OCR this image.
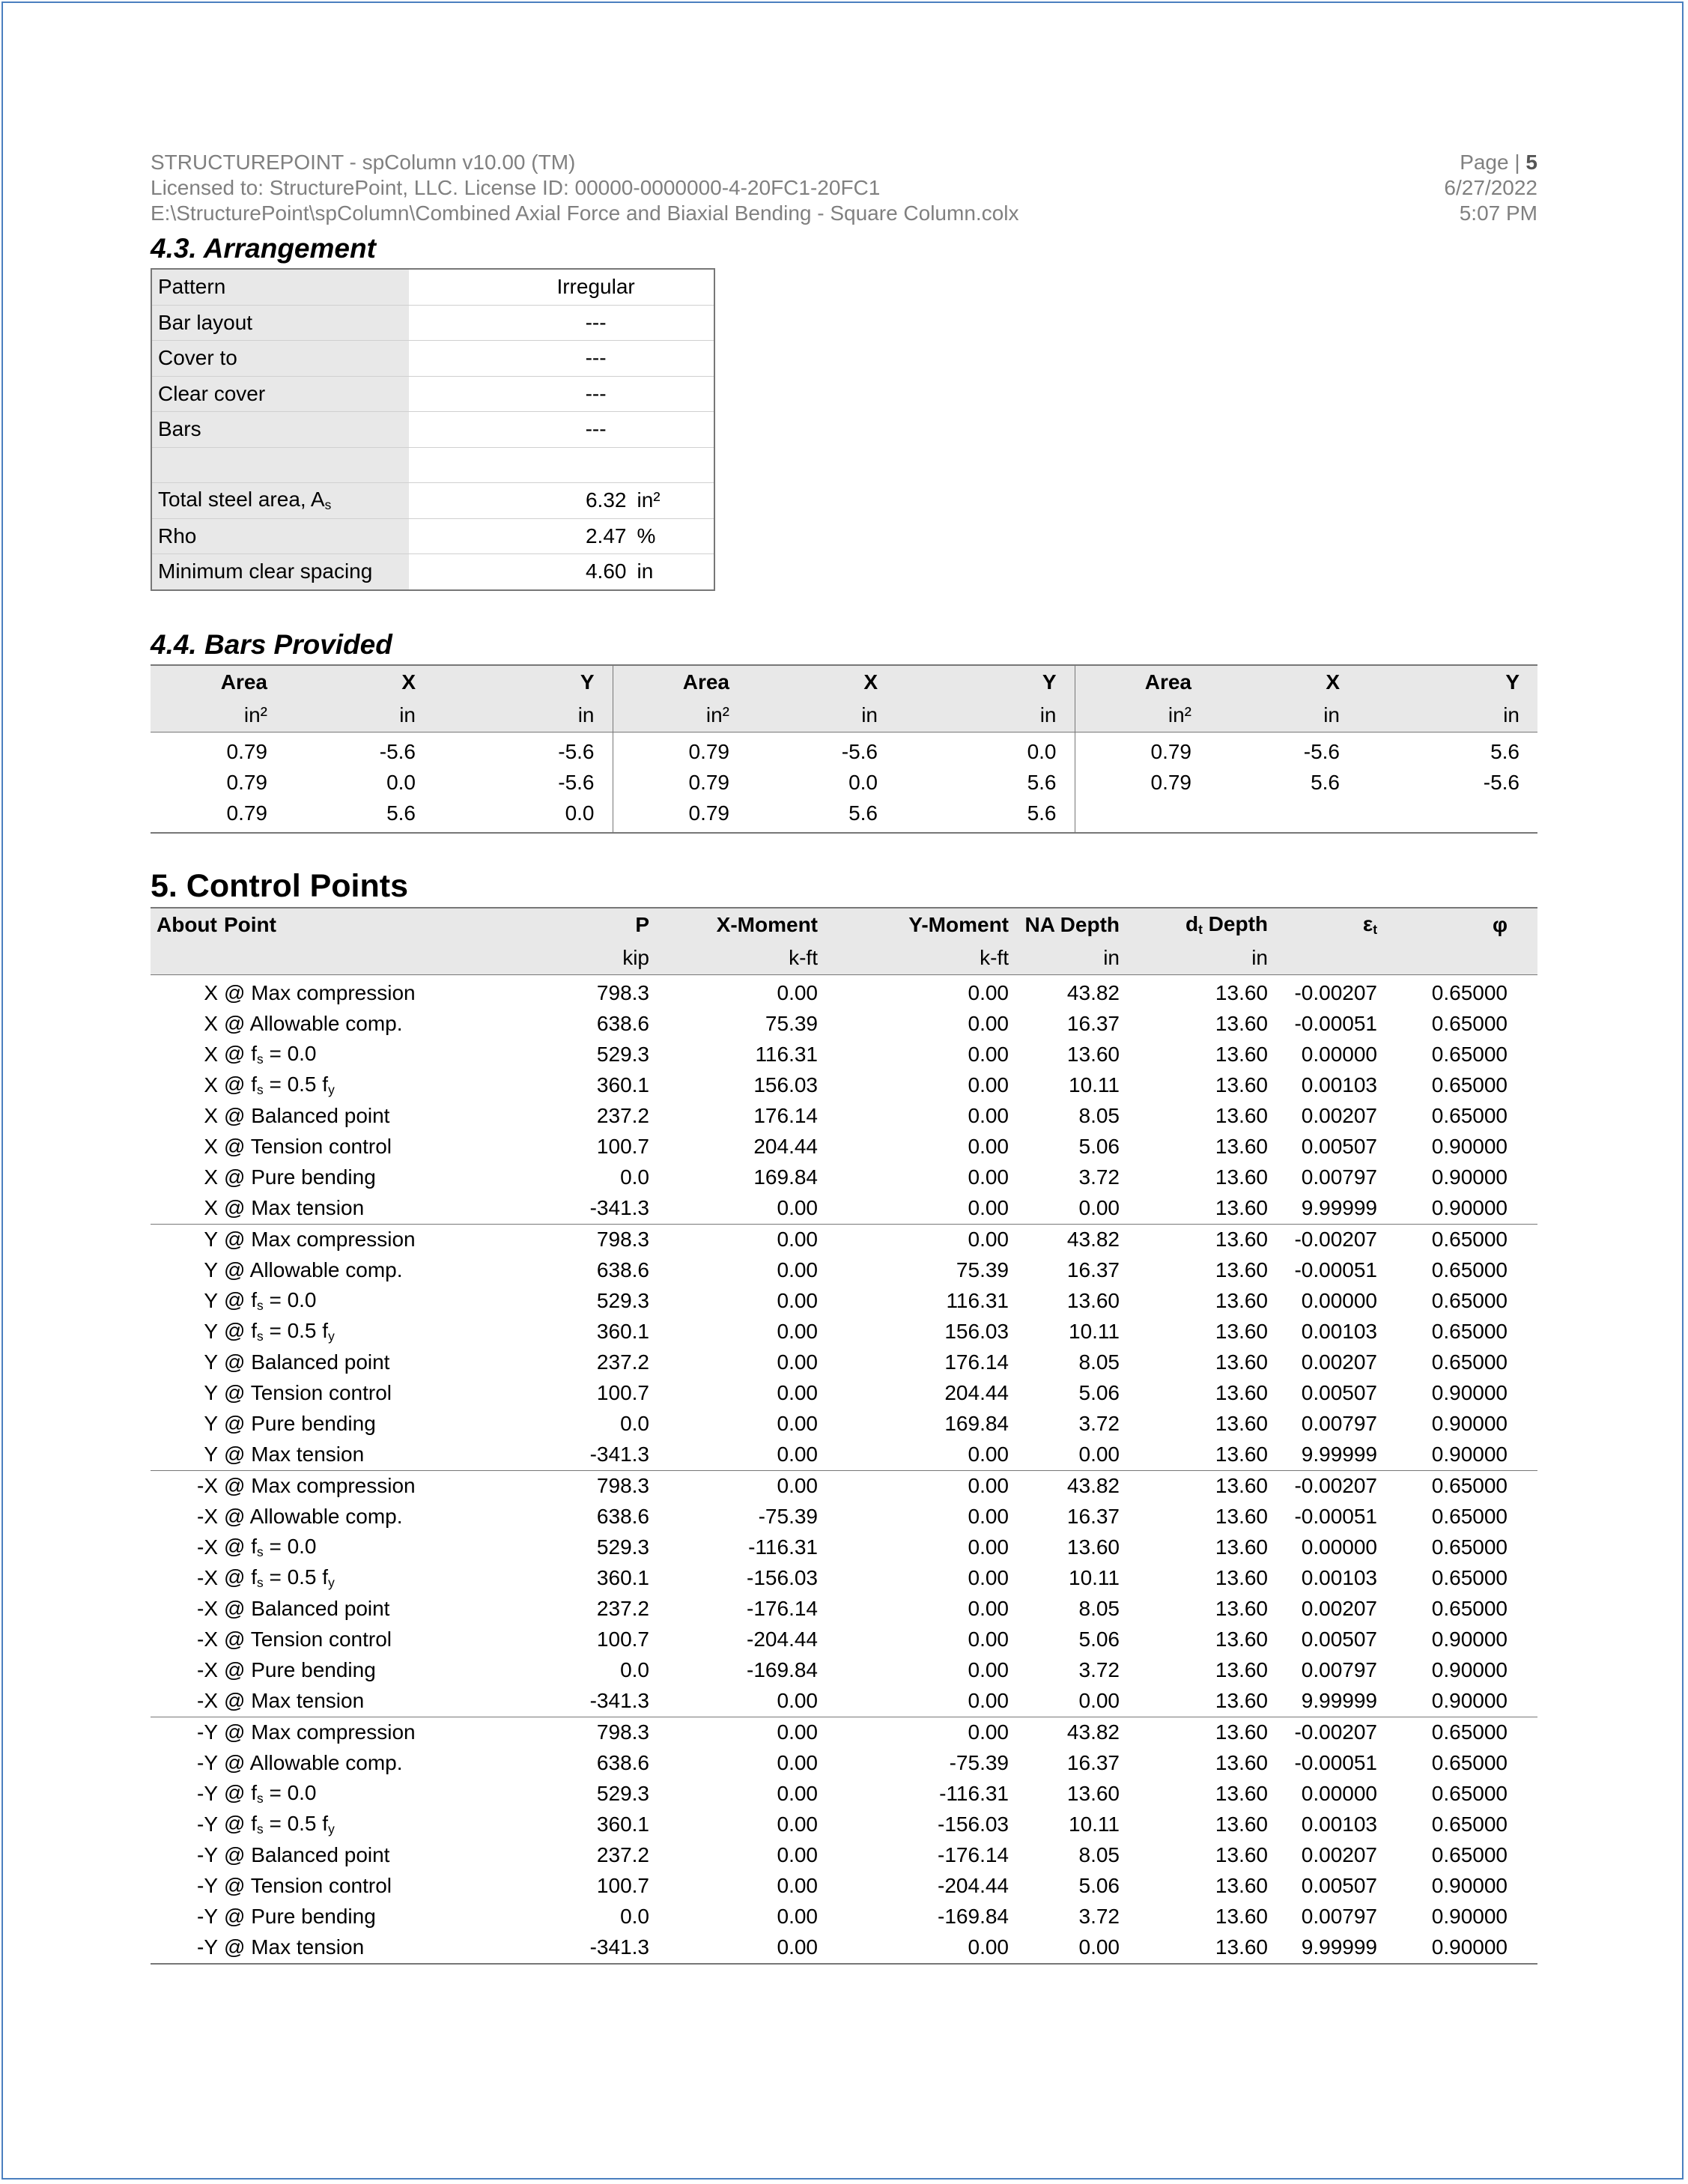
STRUCTUREPOINT - spColumn v10.00 (TM)
Licensed to: StructurePoint, LLC. License ID: 00000-0000000-4-20FC1-20FC1
E:\StructurePoint\spColumn\Combined Axial Force and Biaxial Bending - Square Column.colx
Page | 5
6/27/2022
5:07 PM
4.3. Arrangement
Pattern	Irregular	
Bar layout	---	
Cover to	---	
Clear cover	---	
Bars	---	

Total steel area, $A_s$	6.32	in²
Rho	2.47	%
Minimum clear spacing	4.60	in
4.4. Bars Provided
Area	X	Y	Area	X	Y	Area	X	Y
in²	in	in	in²	in	in	in²	in	in
0.79	-5.6	-5.6	0.79	-5.6	0.0	0.79	-5.6	5.6
0.79	0.0	-5.6	0.79	0.0	5.6	0.79	5.6	-5.6
0.79	5.6	0.0	0.79	5.6	5.6			
5. Control Points
About	Point	P	X-Moment	Y-Moment	NA Depth	$d_t$ Depth	$\varepsilon_t$	φ
		kip	k-ft	k-ft	in	in		
X	@ Max compression	798.3	0.00	0.00	43.82	13.60	-0.00207	0.65000
X	@ Allowable comp.	638.6	75.39	0.00	16.37	13.60	-0.00051	0.65000
X	@ $f_s = 0.0$	529.3	116.31	0.00	13.60	13.60	0.00000	0.65000
X	@ $f_s = 0.5$ $f_y$	360.1	156.03	0.00	10.11	13.60	0.00103	0.65000
X	@ Balanced point	237.2	176.14	0.00	8.05	13.60	0.00207	0.65000
X	@ Tension control	100.7	204.44	0.00	5.06	13.60	0.00507	0.90000
X	@ Pure bending	0.0	169.84	0.00	3.72	13.60	0.00797	0.90000
X	@ Max tension	-341.3	0.00	0.00	0.00	13.60	9.99999	0.90000
Y	@ Max compression	798.3	0.00	0.00	43.82	13.60	-0.00207	0.65000
Y	@ Allowable comp.	638.6	0.00	75.39	16.37	13.60	-0.00051	0.65000
Y	@ $f_s = 0.0$	529.3	0.00	116.31	13.60	13.60	0.00000	0.65000
Y	@ $f_s = 0.5$ $f_y$	360.1	0.00	156.03	10.11	13.60	0.00103	0.65000
Y	@ Balanced point	237.2	0.00	176.14	8.05	13.60	0.00207	0.65000
Y	@ Tension control	100.7	0.00	204.44	5.06	13.60	0.00507	0.90000
Y	@ Pure bending	0.0	0.00	169.84	3.72	13.60	0.00797	0.90000
Y	@ Max tension	-341.3	0.00	0.00	0.00	13.60	9.99999	0.90000
-X	@ Max compression	798.3	0.00	0.00	43.82	13.60	-0.00207	0.65000
-X	@ Allowable comp.	638.6	-75.39	0.00	16.37	13.60	-0.00051	0.65000
-X	@ $f_s = 0.0$	529.3	-116.31	0.00	13.60	13.60	0.00000	0.65000
-X	@ $f_s = 0.5$ $f_y$	360.1	-156.03	0.00	10.11	13.60	0.00103	0.65000
-X	@ Balanced point	237.2	-176.14	0.00	8.05	13.60	0.00207	0.65000
-X	@ Tension control	100.7	-204.44	0.00	5.06	13.60	0.00507	0.90000
-X	@ Pure bending	0.0	-169.84	0.00	3.72	13.60	0.00797	0.90000
-X	@ Max tension	-341.3	0.00	0.00	0.00	13.60	9.99999	0.90000
-Y	@ Max compression	798.3	0.00	0.00	43.82	13.60	-0.00207	0.65000
-Y	@ Allowable comp.	638.6	0.00	-75.39	16.37	13.60	-0.00051	0.65000
-Y	@ $f_s = 0.0$	529.3	0.00	-116.31	13.60	13.60	0.00000	0.65000
-Y	@ $f_s = 0.5$ $f_y$	360.1	0.00	-156.03	10.11	13.60	0.00103	0.65000
-Y	@ Balanced point	237.2	0.00	-176.14	8.05	13.60	0.00207	0.65000
-Y	@ Tension control	100.7	0.00	-204.44	5.06	13.60	0.00507	0.90000
-Y	@ Pure bending	0.0	0.00	-169.84	3.72	13.60	0.00797	0.90000
-Y	@ Max tension	-341.3	0.00	0.00	0.00	13.60	9.99999	0.90000
